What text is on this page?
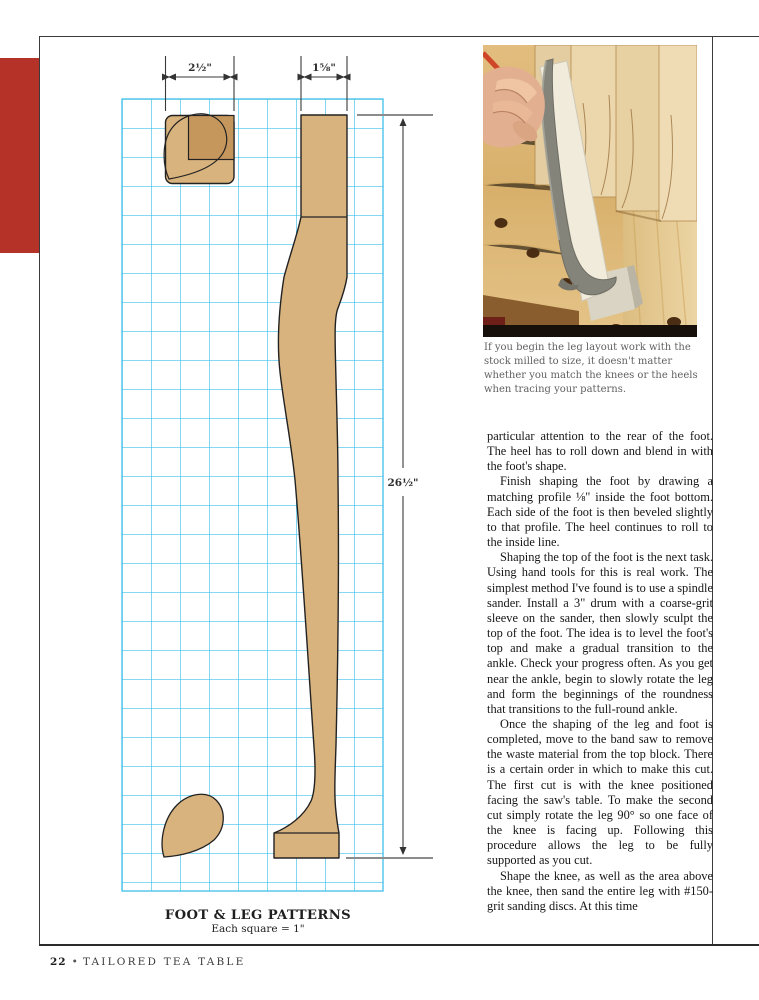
2½"	1⅝"
26½"
FOOT & LEG PATTERNS
Each square = 1"
If you begin the leg layout work with the stock milled to size, it doesn't matter whether you match the knees or the heels when tracing your patterns.

particular attention to the rear of the foot. The heel has to roll down and blend in with the foot's shape.

Finish shaping the foot by drawing a matching profile ⅛" inside the foot bottom. Each side of the foot is then beveled slightly to that profile. The heel continues to roll to the inside line.

Shaping the top of the foot is the next task. Using hand tools for this is real work. The simplest method I've found is to use a spindle sander. Install a 3" drum with a coarse-grit sleeve on the sander, then slowly sculpt the top of the foot. The idea is to level the foot's top and make a gradual transition to the ankle. Check your progress often. As you get near the ankle, begin to slowly rotate the leg and form the beginnings of the roundness that transitions to the full-round ankle.

Once the shaping of the leg and foot is completed, move to the band saw to remove the waste material from the top block. There is a certain order in which to make this cut. The first cut is with the knee positioned facing the saw's table. To make the second cut simply rotate the leg 90° so one face of the knee is facing up. Following this procedure allows the leg to be fully supported as you cut.

Shape the knee, as well as the area above the knee, then sand the entire leg with #150-grit sanding discs. At this time

22 • TAILORED TEA TABLE
